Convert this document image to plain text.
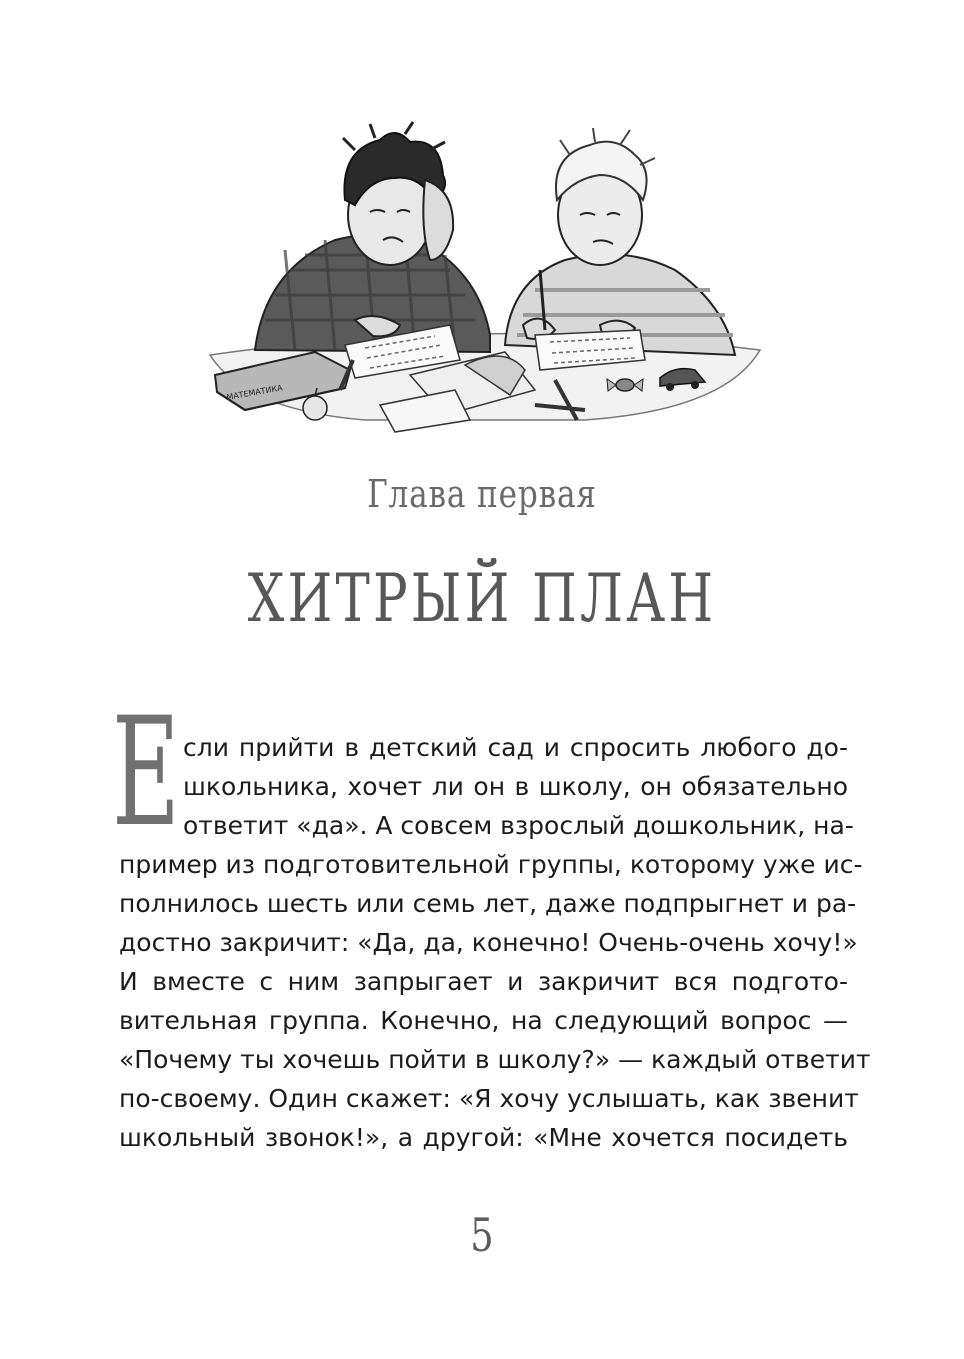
МАТЕМАТИКА
Глава первая
ХИТРЫЙ ПЛАН
Е сли прийти в детский сад и спросить любого до-
школьника, хочет ли он в школу, он обязательно
ответит «да». А совсем взрослый дошкольник, на-
пример из подготовительной группы, которому уже ис-
полнилось шесть или семь лет, даже подпрыгнет и ра-
достно закричит: «Да, да, конечно! Очень-очень хочу!»
И вместе с ним запрыгает и закричит вся подгото-
вительная группа. Конечно, на следующий вопрос —
«Почему ты хочешь пойти в школу?» — каждый ответит
по-своему. Один скажет: «Я хочу услышать, как звенит
школьный звонок!», а другой: «Мне хочется посидеть
5
